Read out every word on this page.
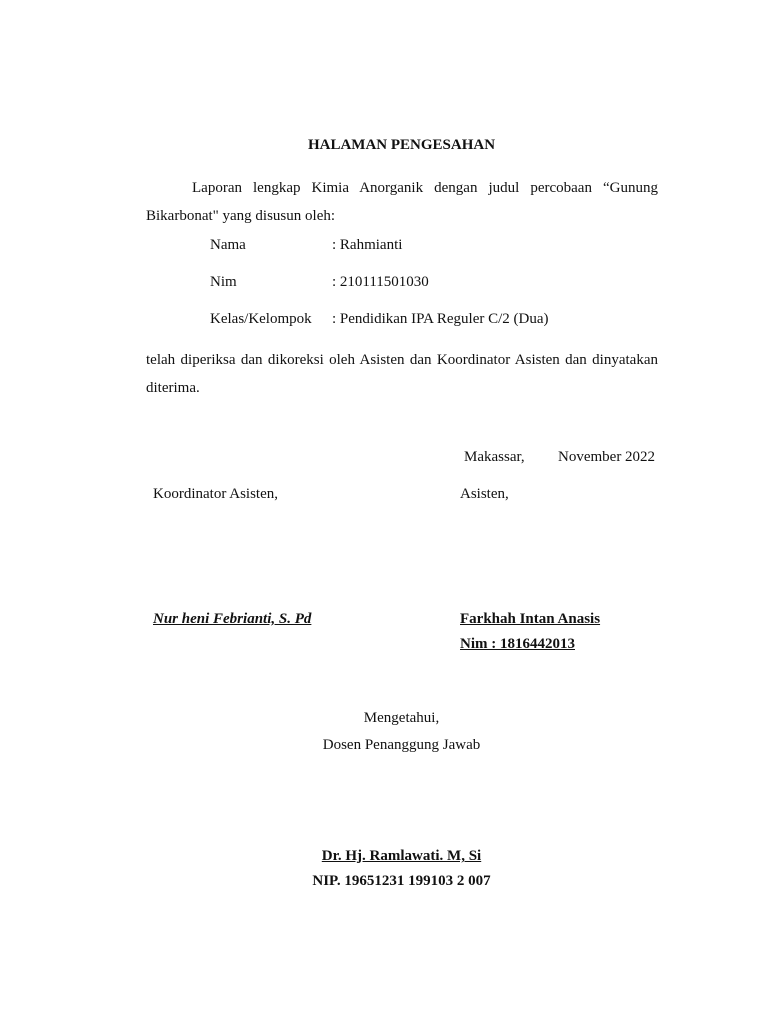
HALAMAN PENGESAHAN
Laporan lengkap Kimia Anorganik dengan judul percobaan “Gunung Bikarbonat" yang disusun oleh:
Nama	: Rahmianti
Nim	: 210111501030
Kelas/Kelompok : Pendidikan IPA Reguler C/2 (Dua)
telah diperiksa dan dikoreksi oleh Asisten dan Koordinator Asisten dan dinyatakan diterima.
Makassar, November 2022
Koordinator Asisten,	Asisten,
Nur heni Febrianti, S. Pd	Farkhah Intan Anasis
Nim : 1816442013
Mengetahui,
Dosen Penanggung Jawab
Dr. Hj. Ramlawati. M, Si
NIP. 19651231 199103 2 007
